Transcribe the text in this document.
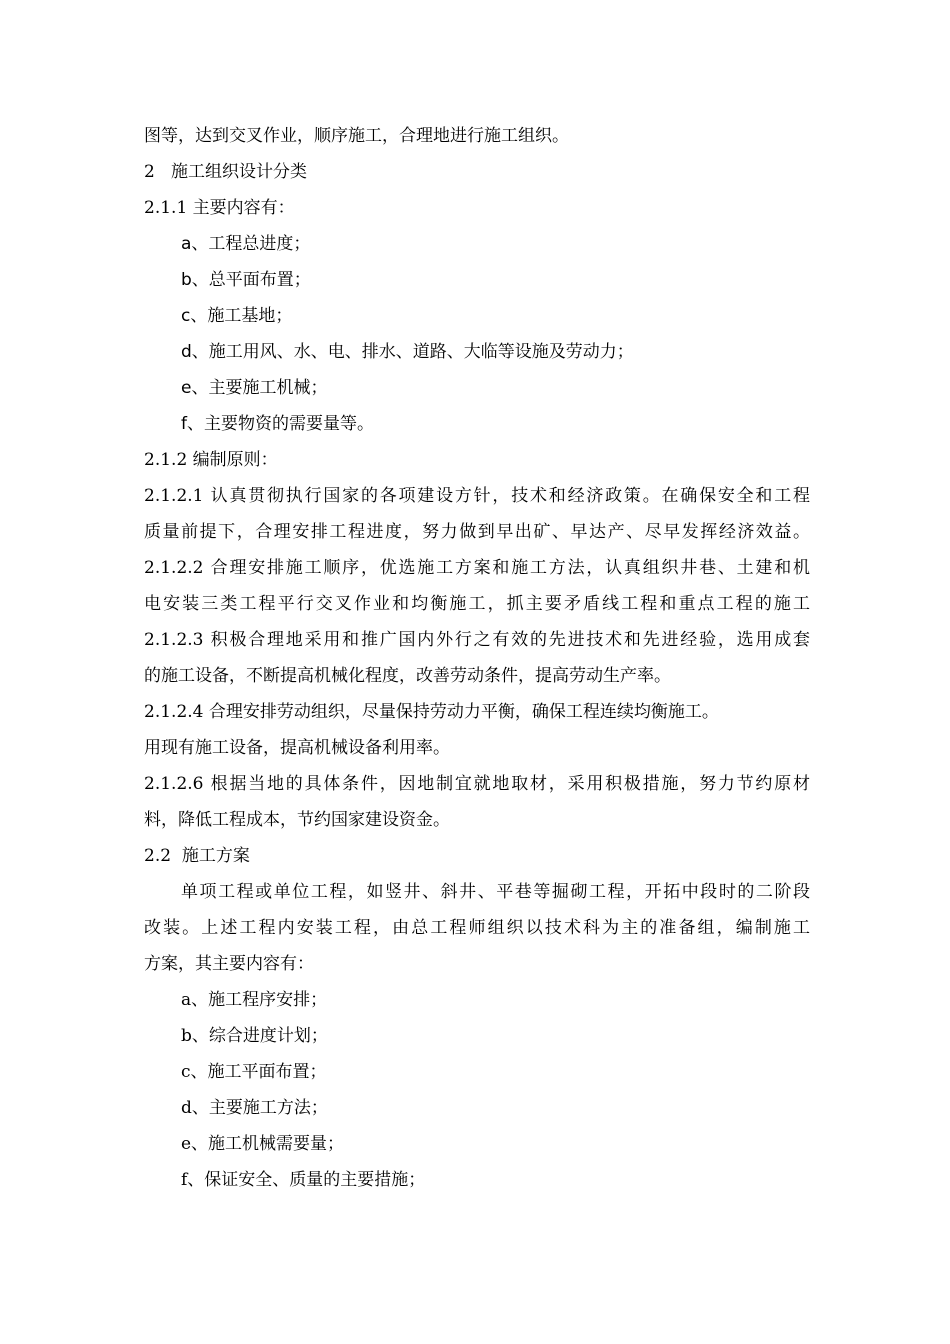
图等，达到交叉作业，顺序施工，合理地进行施工组织。
2   施工组织设计分类
2.1.1 主要内容有：
a、工程总进度；
b、总平面布置；
c、施工基地；
d、施工用风、水、电、排水、道路、大临等设施及劳动力；
e、主要施工机械；
f、主要物资的需要量等。
2.1.2 编制原则：
2.1.2.1 认真贯彻执行国家的各项建设方针，技术和经济政策。在确保安全和工程
质量前提下，合理安排工程进度，努力做到早出矿、早达产、尽早发挥经济效益。
2.1.2.2 合理安排施工顺序，优选施工方案和施工方法，认真组织井巷、土建和机
电安装三类工程平行交叉作业和均衡施工，抓主要矛盾线工程和重点工程的施工
2.1.2.3 积极合理地采用和推广国内外行之有效的先进技术和先进经验，选用成套
的施工设备，不断提高机械化程度，改善劳动条件，提高劳动生产率。
2.1.2.4 合理安排劳动组织，尽量保持劳动力平衡，确保工程连续均衡施工。
用现有施工设备，提高机械设备利用率。
2.1.2.6 根据当地的具体条件，因地制宜就地取材，采用积极措施，努力节约原材
料，降低工程成本，节约国家建设资金。
2.2  施工方案
单项工程或单位工程，如竖井、斜井、平巷等掘砌工程，开拓中段时的二阶段
改装。上述工程内安装工程，由总工程师组织以技术科为主的准备组，编制施工
方案，其主要内容有：
a、施工程序安排；
b、综合进度计划；
c、施工平面布置；
d、主要施工方法；
e、施工机械需要量；
f、保证安全、质量的主要措施；
